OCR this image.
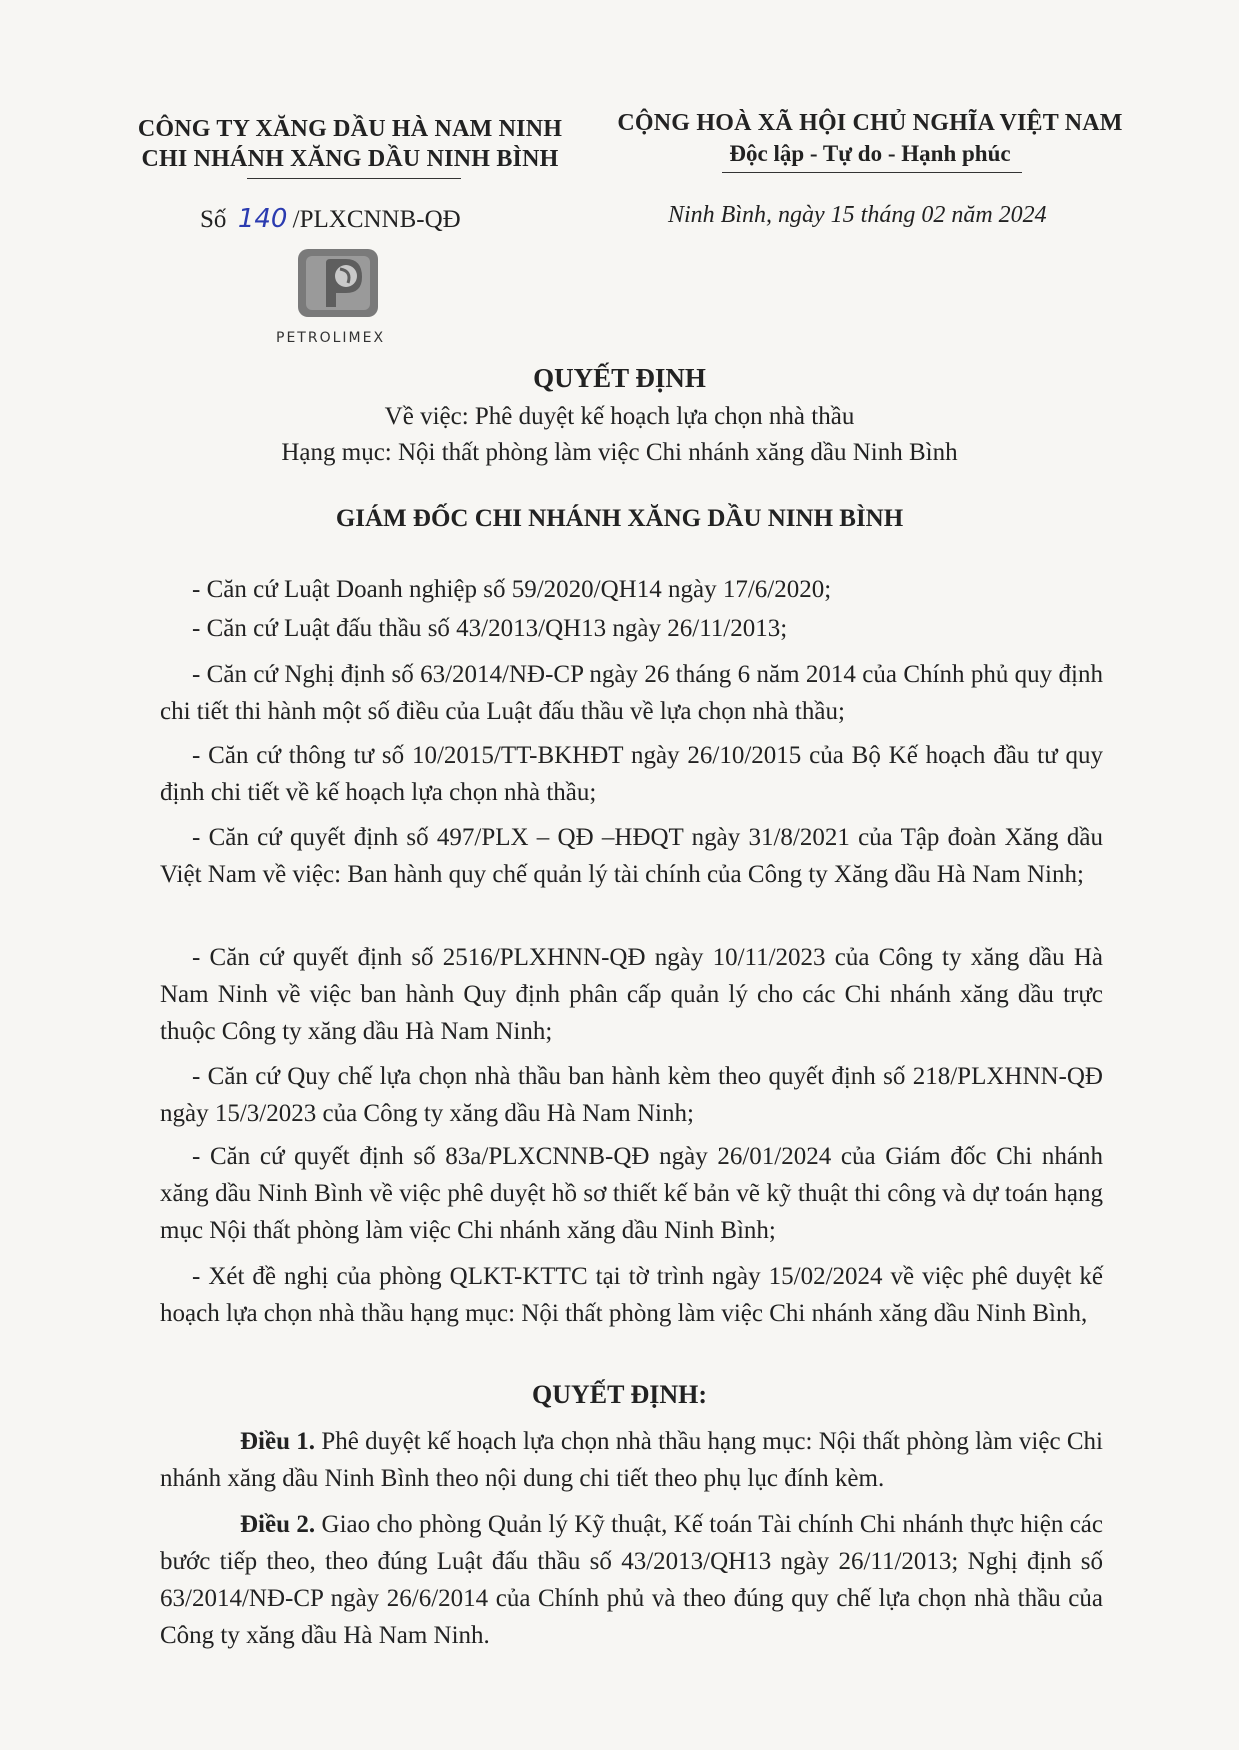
CÔNG TY XĂNG DẦU HÀ NAM NINH
CHI NHÁNH XĂNG DẦU NINH BÌNH
CỘNG HOÀ XÃ HỘI CHỦ NGHĨA VIỆT NAM
Độc lập - Tự do - Hạnh phúc
Số 140 /PLXCNNB-QĐ	Ninh Bình, ngày 15 tháng 02 năm 2024
PETROLIMEX
QUYẾT ĐỊNH
Về việc: Phê duyệt kế hoạch lựa chọn nhà thầu
Hạng mục: Nội thất phòng làm việc Chi nhánh xăng dầu Ninh Bình
GIÁM ĐỐC CHI NHÁNH XĂNG DẦU NINH BÌNH
- Căn cứ Luật Doanh nghiệp số 59/2020/QH14 ngày 17/6/2020;
- Căn cứ Luật đấu thầu số 43/2013/QH13 ngày 26/11/2013;
- Căn cứ Nghị định số 63/2014/NĐ-CP ngày 26 tháng 6 năm 2014 của Chính phủ quy định chi tiết thi hành một số điều của Luật đấu thầu về lựa chọn nhà thầu;
- Căn cứ thông tư số 10/2015/TT-BKHĐT ngày 26/10/2015 của Bộ Kế hoạch đầu tư quy định chi tiết về kế hoạch lựa chọn nhà thầu;
- Căn cứ quyết định số 497/PLX – QĐ –HĐQT ngày 31/8/2021 của Tập đoàn Xăng dầu Việt Nam về việc: Ban hành quy chế quản lý tài chính của Công ty Xăng dầu Hà Nam Ninh;
- Căn cứ quyết định số 2516/PLXHNN-QĐ ngày 10/11/2023 của Công ty xăng dầu Hà Nam Ninh về việc ban hành Quy định phân cấp quản lý cho các Chi nhánh xăng dầu trực thuộc Công ty xăng dầu Hà Nam Ninh;
- Căn cứ Quy chế lựa chọn nhà thầu ban hành kèm theo quyết định số 218/PLXHNN-QĐ ngày 15/3/2023 của Công ty xăng dầu Hà Nam Ninh;
- Căn cứ quyết định số 83a/PLXCNNB-QĐ ngày 26/01/2024 của Giám đốc Chi nhánh xăng dầu Ninh Bình về việc phê duyệt hồ sơ thiết kế bản vẽ kỹ thuật thi công và dự toán hạng mục Nội thất phòng làm việc Chi nhánh xăng dầu Ninh Bình;
- Xét đề nghị của phòng QLKT-KTTC tại tờ trình ngày 15/02/2024 về việc phê duyệt kế hoạch lựa chọn nhà thầu hạng mục: Nội thất phòng làm việc Chi nhánh xăng dầu Ninh Bình,
QUYẾT ĐỊNH:
Điều 1. Phê duyệt kế hoạch lựa chọn nhà thầu hạng mục: Nội thất phòng làm việc Chi nhánh xăng dầu Ninh Bình theo nội dung chi tiết theo phụ lục đính kèm.
Điều 2. Giao cho phòng Quản lý Kỹ thuật, Kế toán Tài chính Chi nhánh thực hiện các bước tiếp theo, theo đúng Luật đấu thầu số 43/2013/QH13 ngày 26/11/2013; Nghị định số 63/2014/NĐ-CP ngày 26/6/2014 của Chính phủ và theo đúng quy chế lựa chọn nhà thầu của Công ty xăng dầu Hà Nam Ninh.
